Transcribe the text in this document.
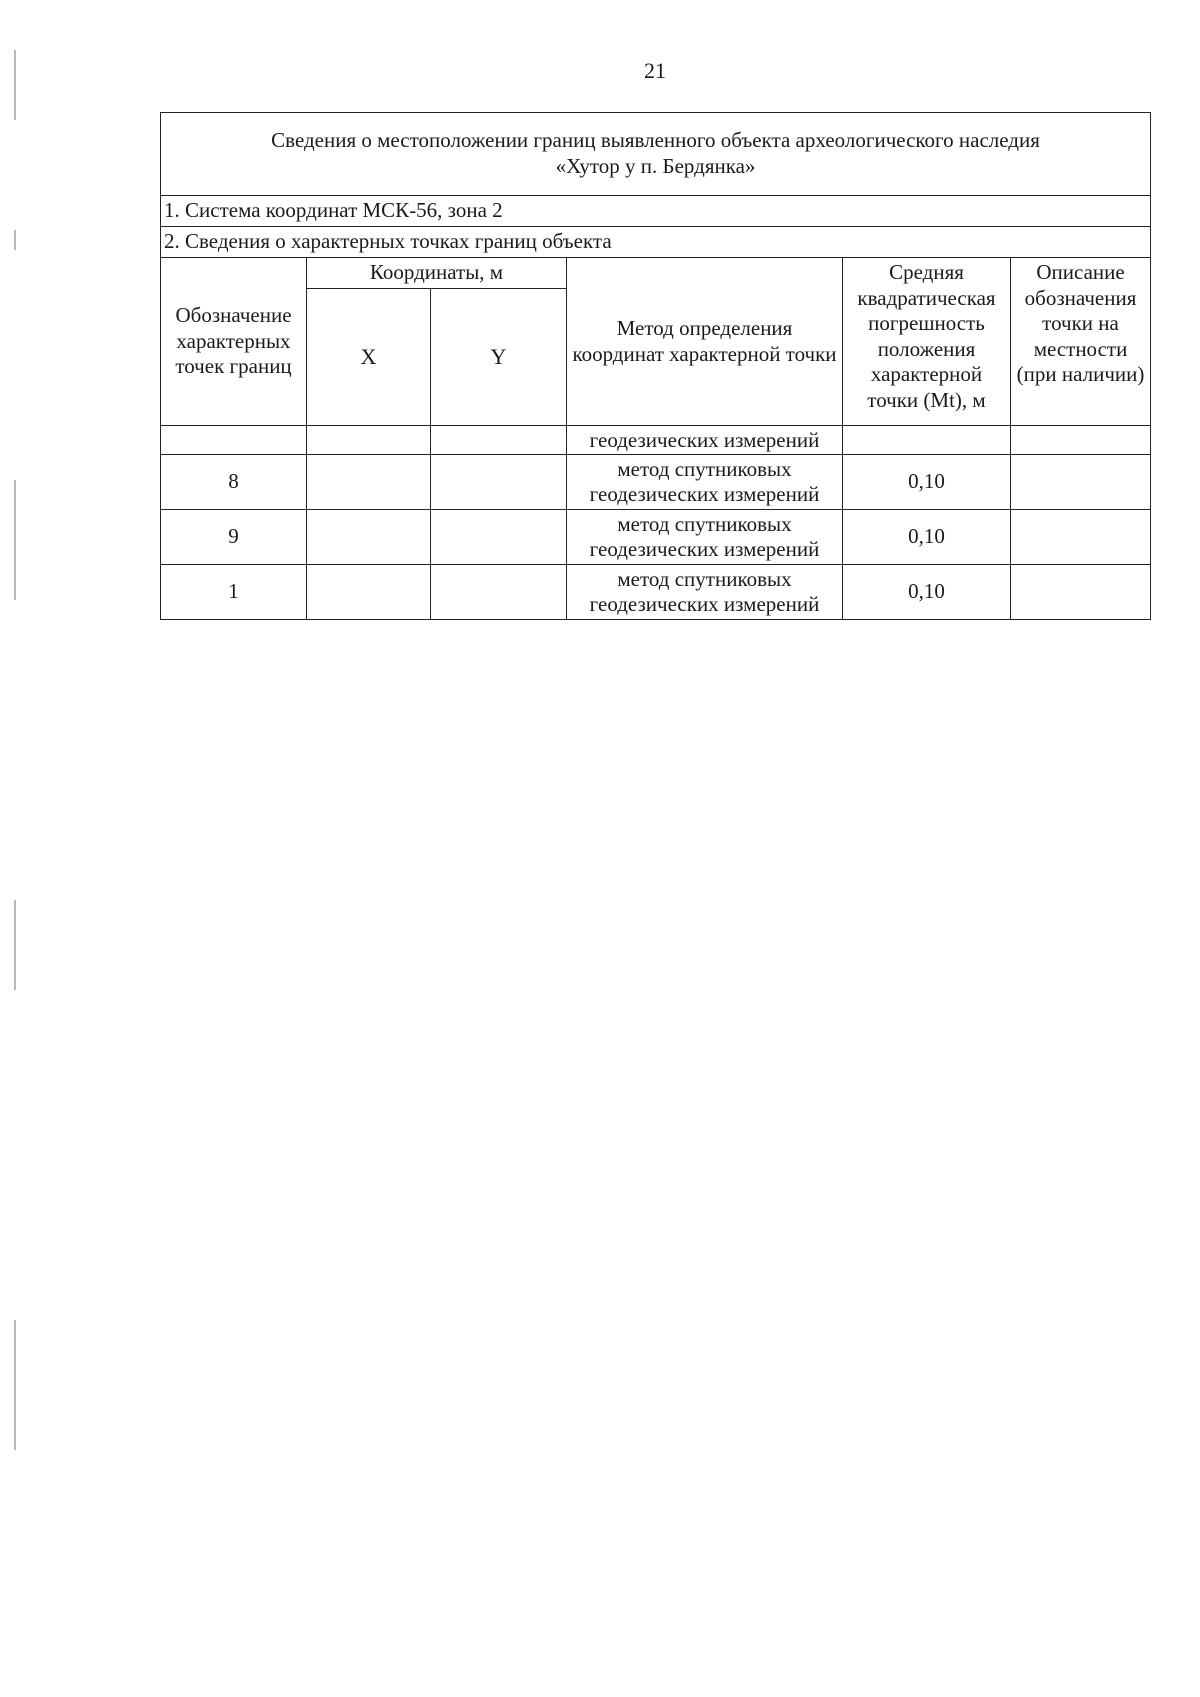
21
Сведения о местоположении границ выявленного объекта археологического наследия
«Хутор у п. Бердянка»					

1. Система координат МСК-56, зона 2					
2. Сведения о характерных точках границ объекта					
Обозначение характерных точек границ	Координаты, м		Метод определения координат характерной точки	Средняя квадратическая погрешность положения характерной точки (Mt), м	Описание обозначения точки на местности (при наличии)
	X	Y			
			геодезических измерений		
8			метод спутниковых геодезических измерений	0,10	
9			метод спутниковых геодезических измерений	0,10	
1			метод спутниковых геодезических измерений	0,10	
